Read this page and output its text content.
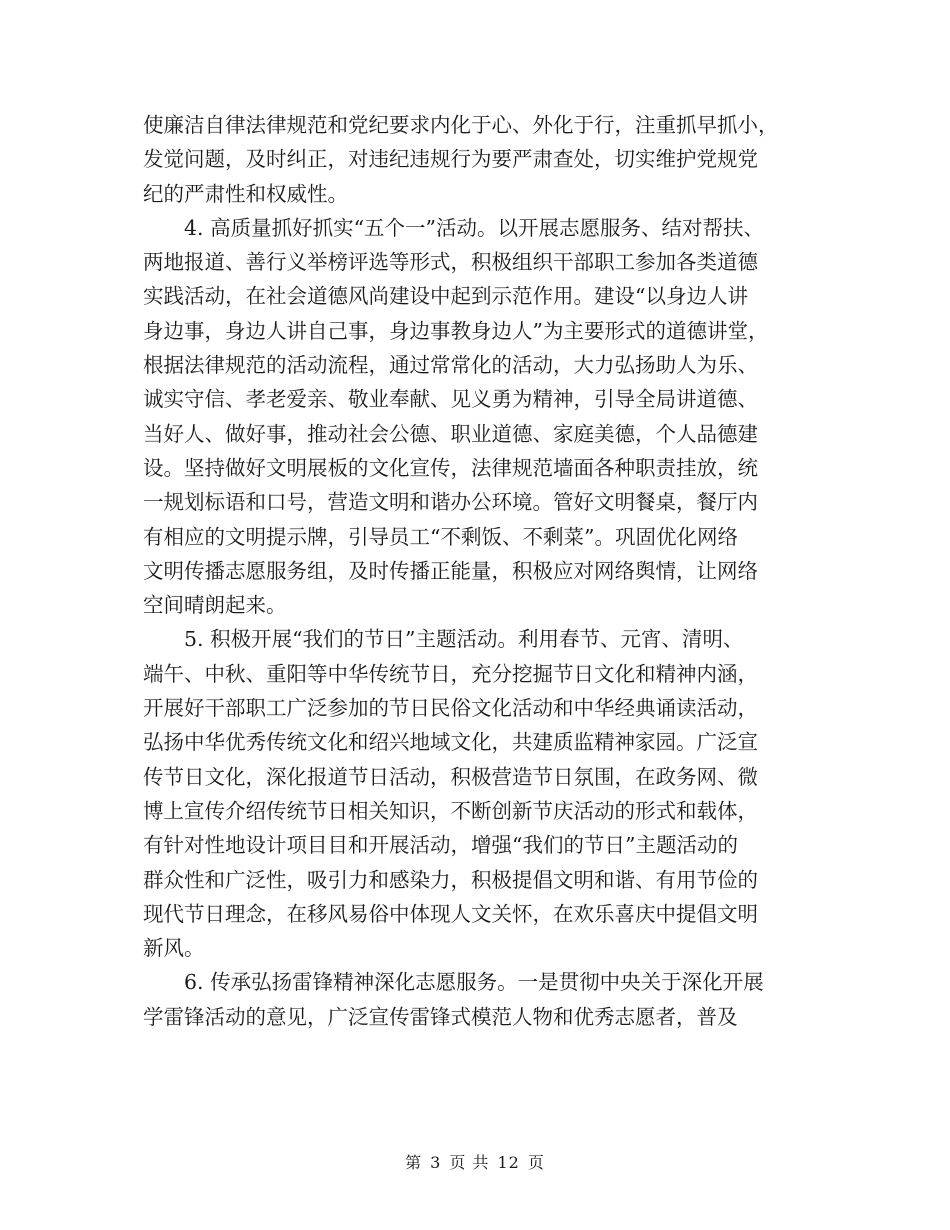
使廉洁自律法律规范和党纪要求内化于心、外化于行，注重抓早抓小，
发觉问题，及时纠正，对违纪违规行为要严肃查处，切实维护党规党
纪的严肃性和权威性。
4. 高质量抓好抓实“五个一”活动。以开展志愿服务、结对帮扶、
两地报道、善行义举榜评选等形式，积极组织干部职工参加各类道德
实践活动，在社会道德风尚建设中起到示范作用。建设“以身边人讲
身边事，身边人讲自己事，身边事教身边人”为主要形式的道德讲堂，
根据法律规范的活动流程，通过常常化的活动，大力弘扬助人为乐、
诚实守信、孝老爱亲、敬业奉献、见义勇为精神，引导全局讲道德、
当好人、做好事，推动社会公德、职业道德、家庭美德，个人品德建
设。坚持做好文明展板的文化宣传，法律规范墙面各种职责挂放，统
一规划标语和口号，营造文明和谐办公环境。管好文明餐桌，餐厅内
有相应的文明提示牌，引导员工“不剩饭、不剩菜”。巩固优化网络
文明传播志愿服务组，及时传播正能量，积极应对网络舆情，让网络
空间晴朗起来。
5. 积极开展“我们的节日”主题活动。利用春节、元宵、清明、
端午、中秋、重阳等中华传统节日，充分挖掘节日文化和精神内涵，
开展好干部职工广泛参加的节日民俗文化活动和中华经典诵读活动，
弘扬中华优秀传统文化和绍兴地域文化，共建质监精神家园。广泛宣
传节日文化，深化报道节日活动，积极营造节日氛围，在政务网、微
博上宣传介绍传统节日相关知识，不断创新节庆活动的形式和载体，
有针对性地设计项目目和开展活动，增强“我们的节日”主题活动的
群众性和广泛性，吸引力和感染力，积极提倡文明和谐、有用节俭的
现代节日理念，在移风易俗中体现人文关怀，在欢乐喜庆中提倡文明
新风。
6. 传承弘扬雷锋精神深化志愿服务。一是贯彻中央关于深化开展
学雷锋活动的意见，广泛宣传雷锋式模范人物和优秀志愿者，普及
第 3 页 共 12 页
